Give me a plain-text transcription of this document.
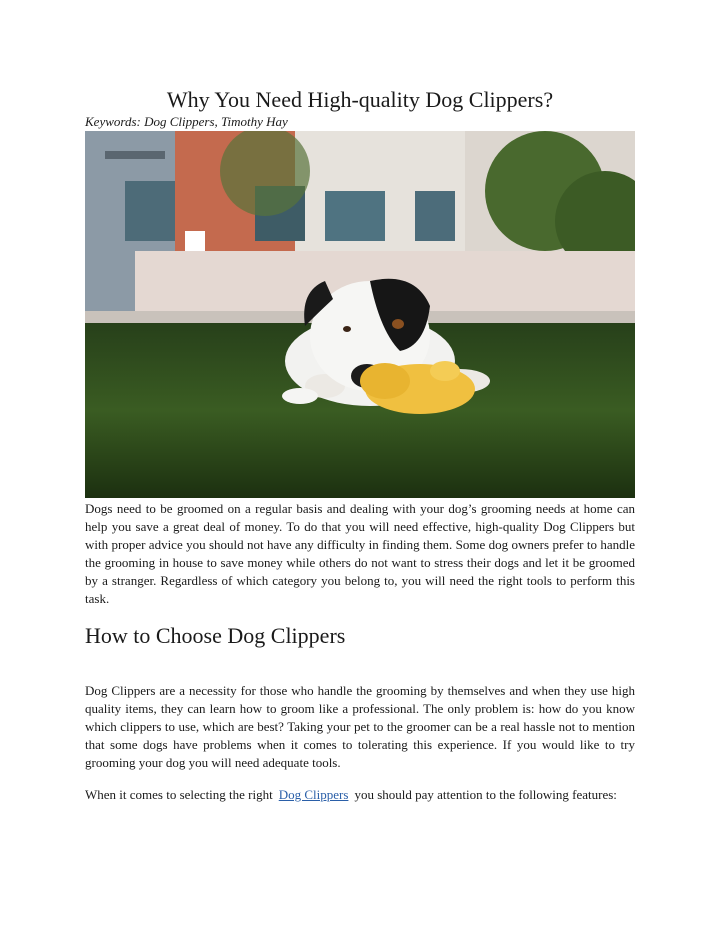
Why You Need High-quality Dog Clippers?
Keywords: Dog Clippers, Timothy Hay

Dogs need to be groomed on a regular basis and dealing with your dog’s grooming needs at home can help you save a great deal of money. To do that you will need effective, high-quality Dog Clippers but with proper advice you should not have any difficulty in finding them. Some dog owners prefer to handle the grooming in house to save money while others do not want to stress their dogs and let it be groomed by a stranger. Regardless of which category you belong to, you will need the right tools to perform this task.

How to Choose Dog Clippers

Dog Clippers are a necessity for those who handle the grooming by themselves and when they use high quality items, they can learn how to groom like a professional. The only problem is: how do you know which clippers to use, which are best? Taking your pet to the groomer can be a real hassle not to mention that some dogs have problems when it comes to tolerating this experience. If you would like to try grooming your dog you will need adequate tools.

When it comes to selecting the right Dog Clippers you should pay attention to the following features:
